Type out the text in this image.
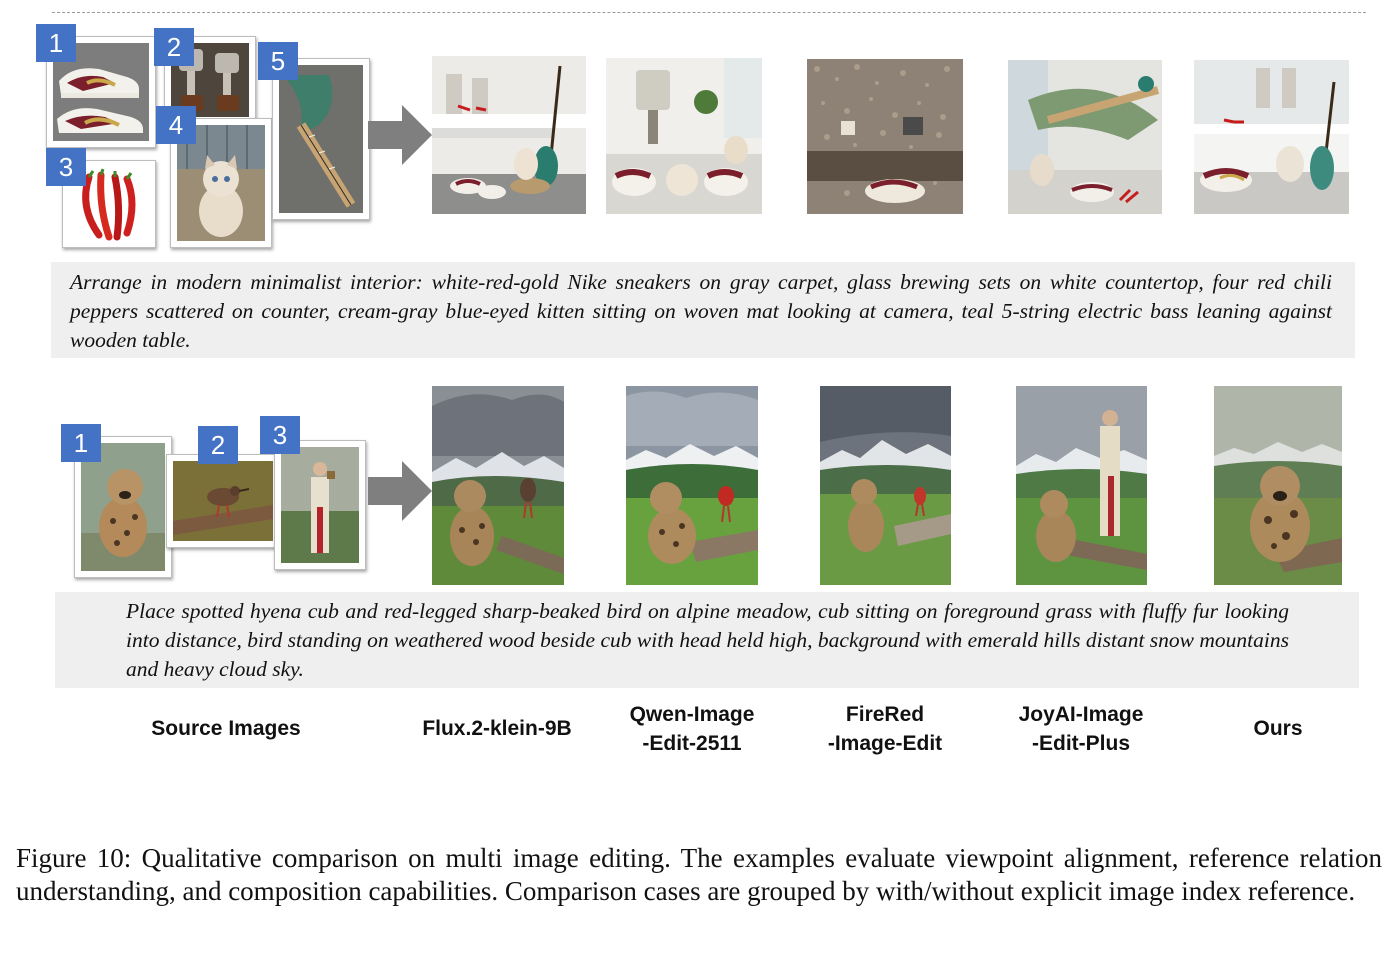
1	2
3
4
5
Arrange in modern minimalist interior: white-red-gold Nike sneakers on gray carpet, glass brewing sets on white countertop, four red chili peppers scattered on counter, cream-gray blue-eyed kitten sitting on woven mat looking at camera, teal 5-string electric bass leaning against wooden table.
1	2	3
Place spotted hyena cub and red-legged sharp-beaked bird on alpine meadow, cub sitting on foreground grass with fluffy fur looking into distance, bird standing on weathered wood beside cub with head held high, background with emerald hills distant snow mountains and heavy cloud sky.
Source Images	Flux.2-klein-9B
Qwen-Image
-Edit-2511
FireRed
-Image-Edit
JoyAI-Image
-Edit-Plus
Ours
Figure 10: Qualitative comparison on multi image editing. The examples evaluate viewpoint alignment, reference relation understanding, and composition capabilities. Comparison cases are grouped by with/without explicit image index reference.
